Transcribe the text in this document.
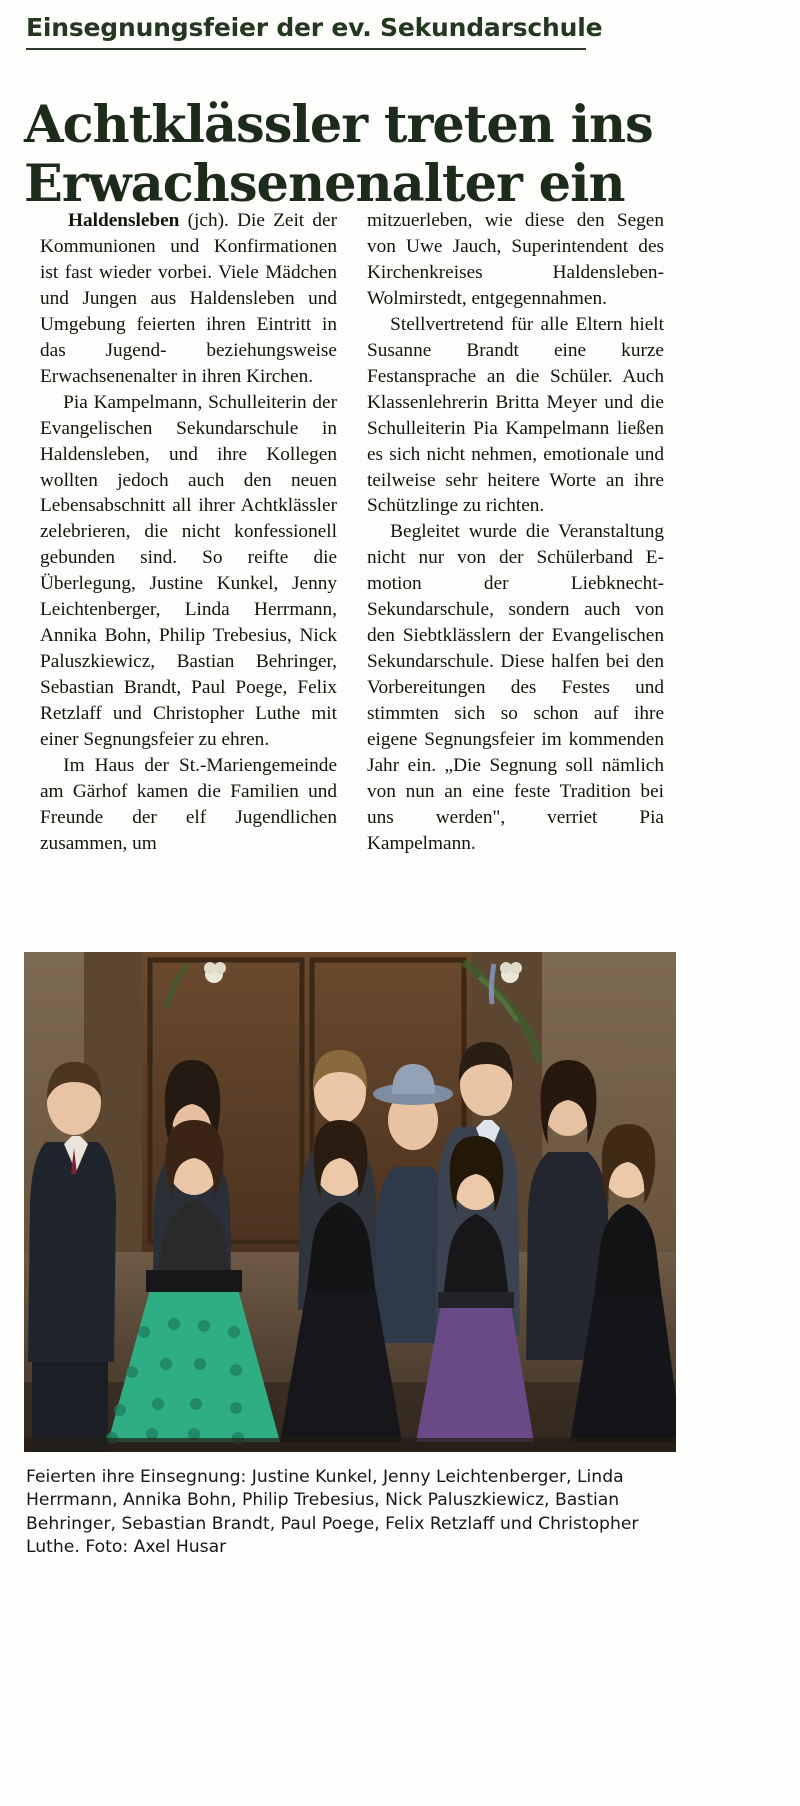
Einsegnungsfeier der ev. Sekundarschule
Achtklässler treten ins
Erwachsenenalter ein

Haldensleben (jch). Die Zeit der Kommunionen und Konfirmationen ist fast wieder vorbei. Viele Mädchen und Jungen aus Haldensleben und Umgebung feierten ihren Eintritt in das Jugend- beziehungsweise Erwachsenenalter in ihren Kirchen.

Pia Kampelmann, Schulleiterin der Evangelischen Sekundarschule in Haldensleben, und ihre Kollegen wollten jedoch auch den neuen Lebensabschnitt all ihrer Achtklässler zelebrieren, die nicht konfessionell gebunden sind. So reifte die Überlegung, Justine Kunkel, Jenny Leichtenberger, Linda Herrmann, Annika Bohn, Philip Trebesius, Nick Paluszkiewicz, Bastian Behringer, Sebastian Brandt, Paul Poege, Felix Retzlaff und Christopher Luthe mit einer Segnungsfeier zu ehren.

Im Haus der St.-Mariengemeinde am Gärhof kamen die Familien und Freunde der elf Jugendlichen zusammen, um

mitzuerleben, wie diese den Segen von Uwe Jauch, Superintendent des Kirchenkreises Haldensleben-Wolmirstedt, entgegennahmen.

Stellvertretend für alle Eltern hielt Susanne Brandt eine kurze Festansprache an die Schüler. Auch Klassenlehrerin Britta Meyer und die Schulleiterin Pia Kampelmann ließen es sich nicht nehmen, emotionale und teilweise sehr heitere Worte an ihre Schützlinge zu richten.

Begleitet wurde die Veranstaltung nicht nur von der Schülerband E-motion der Liebknecht-Sekundarschule, sondern auch von den Siebtklässlern der Evangelischen Sekundarschule. Diese halfen bei den Vorbereitungen des Festes und stimmten sich so schon auf ihre eigene Segnungsfeier im kommenden Jahr ein. „Die Segnung soll nämlich von nun an eine feste Tradition bei uns werden", verriet Pia Kampelmann.

Feierten ihre Einsegnung: Justine Kunkel, Jenny Leichtenberger, Linda Herrmann, Annika Bohn, Philip Trebesius, Nick Paluszkiewicz, Bastian Behringer, Sebastian Brandt, Paul Poege, Felix Retzlaff und Christopher Luthe. Foto: Axel Husar
